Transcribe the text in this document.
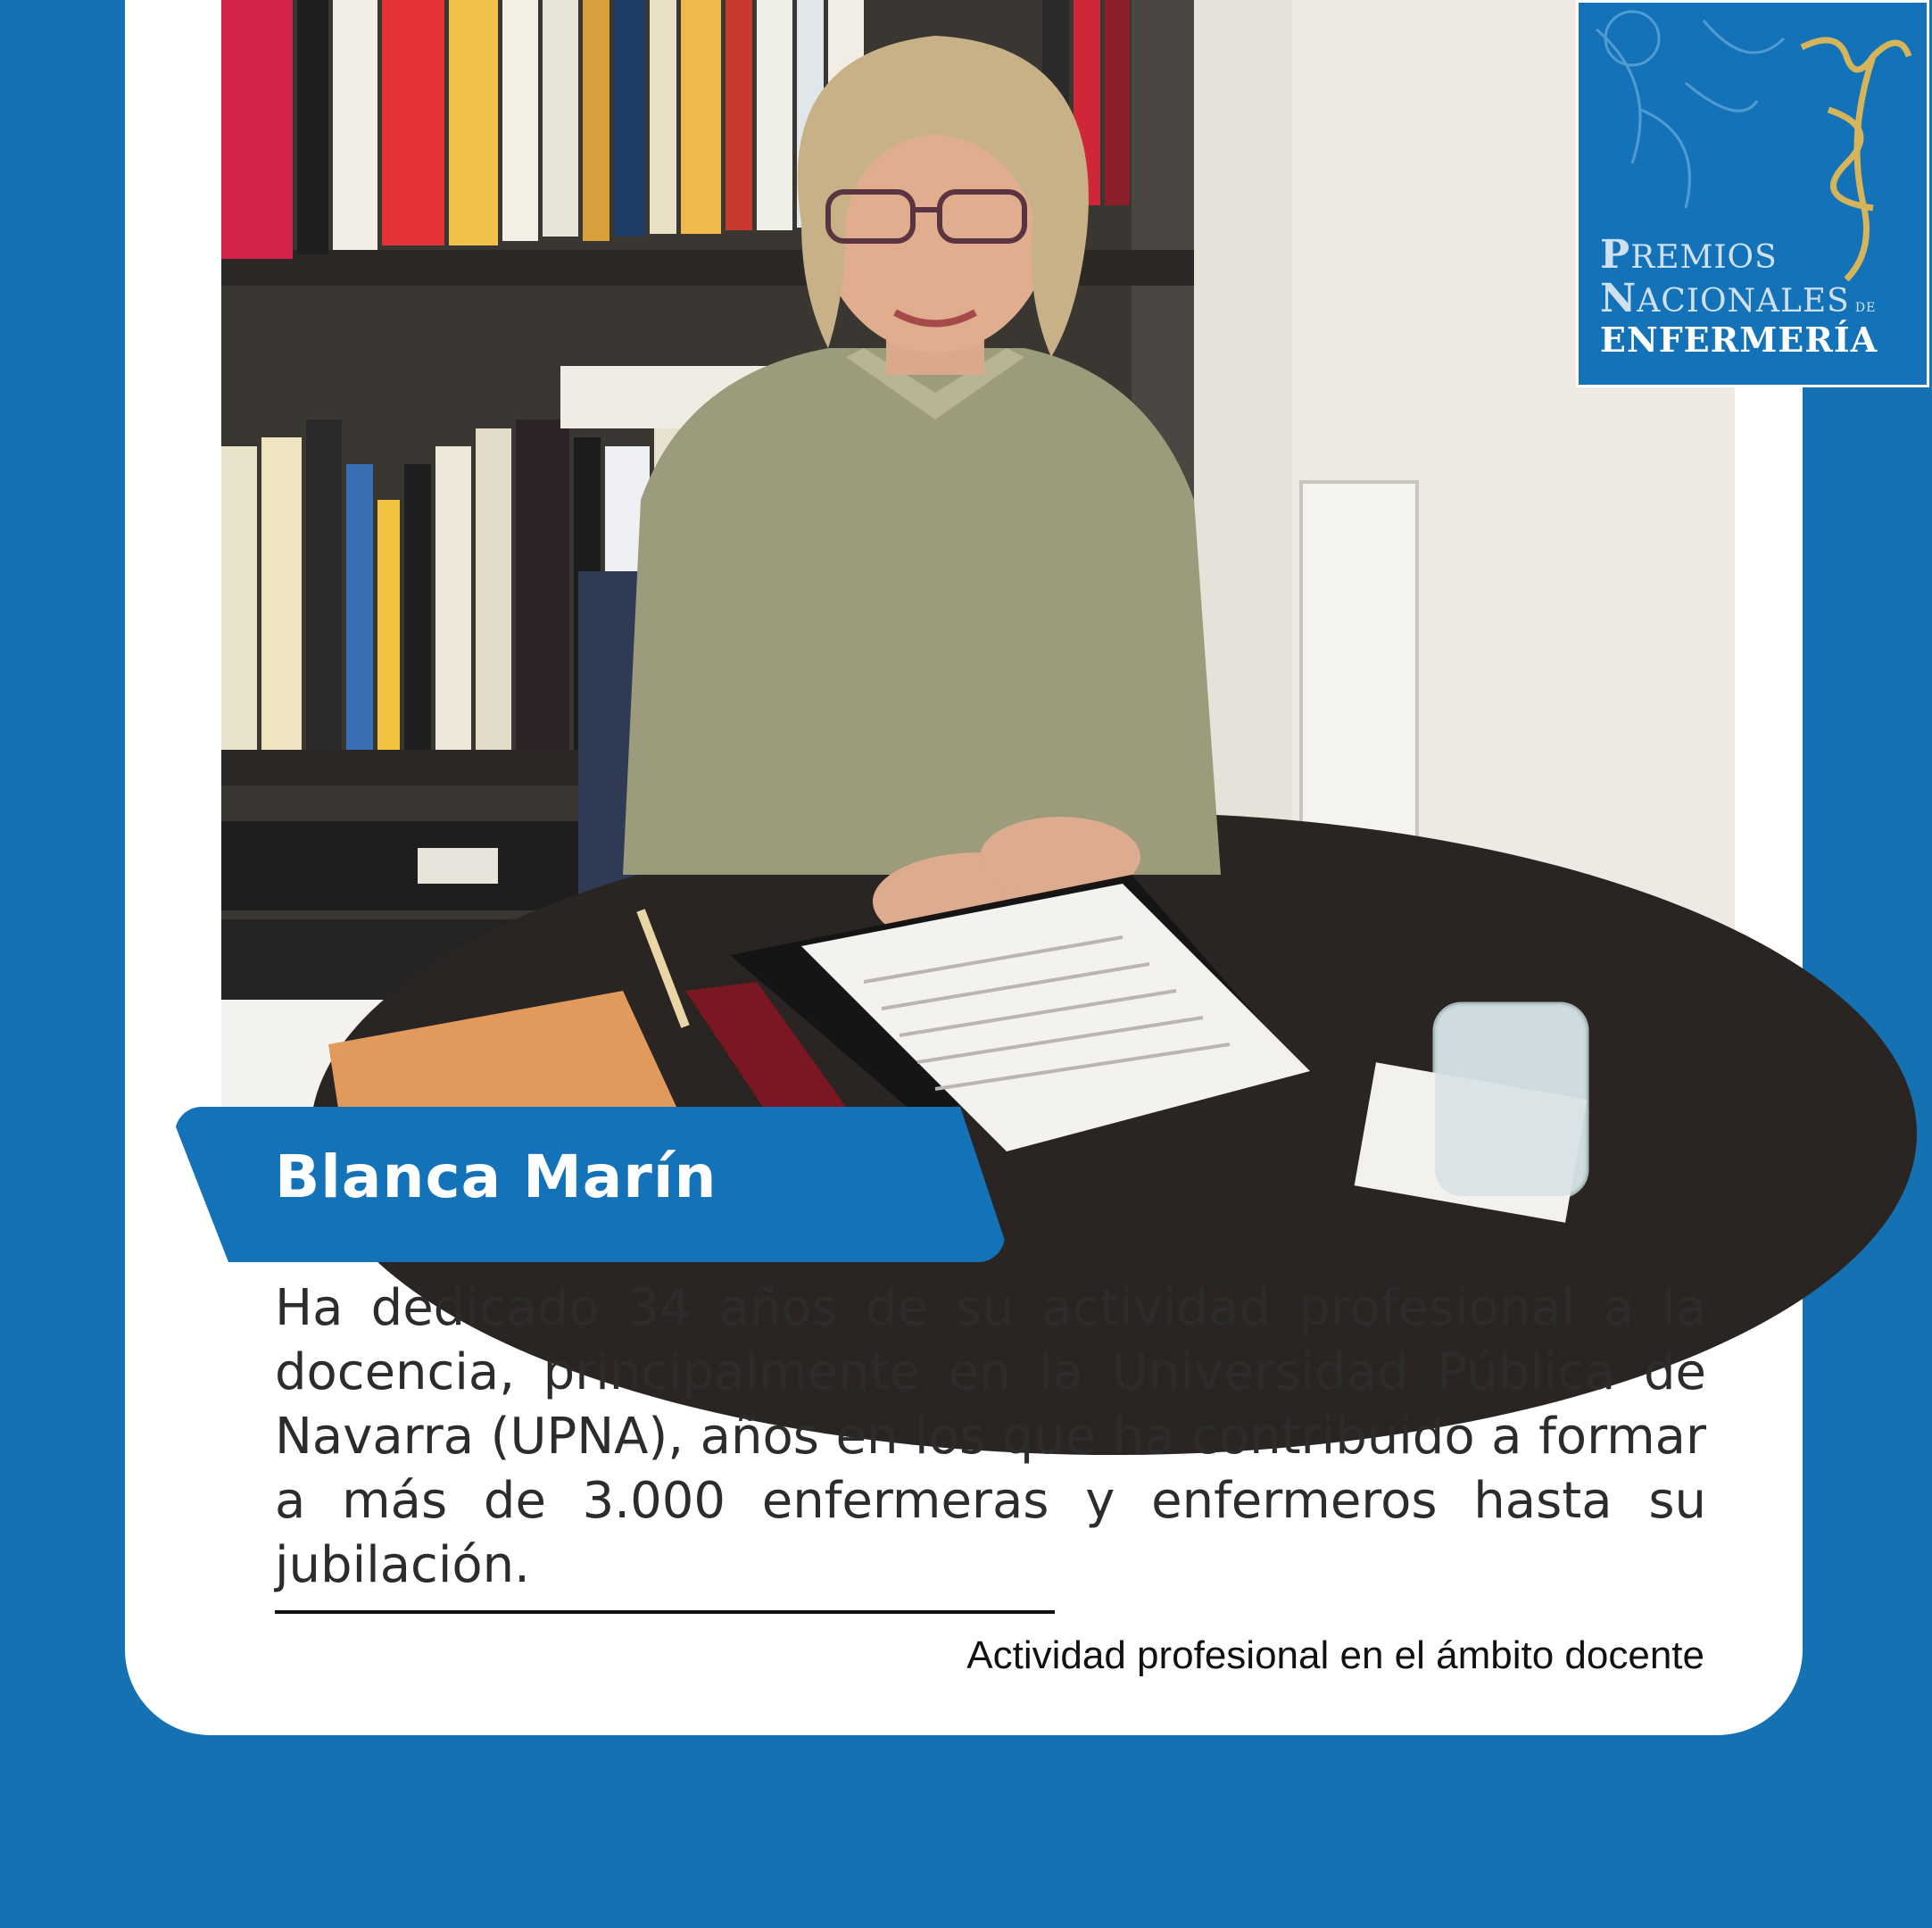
PREMIOS
NACIONALES DE
ENFERMERÍA
Blanca Marín
Ha dedicado 34 años de su actividad profesional a la docencia, principalmente en la Universidad Pública de Navarra (UPNA), años en los que ha contribuido a formar a más de 3.000 enfermeras y enfermeros hasta su jubilación.
Actividad profesional en el ámbito docente
